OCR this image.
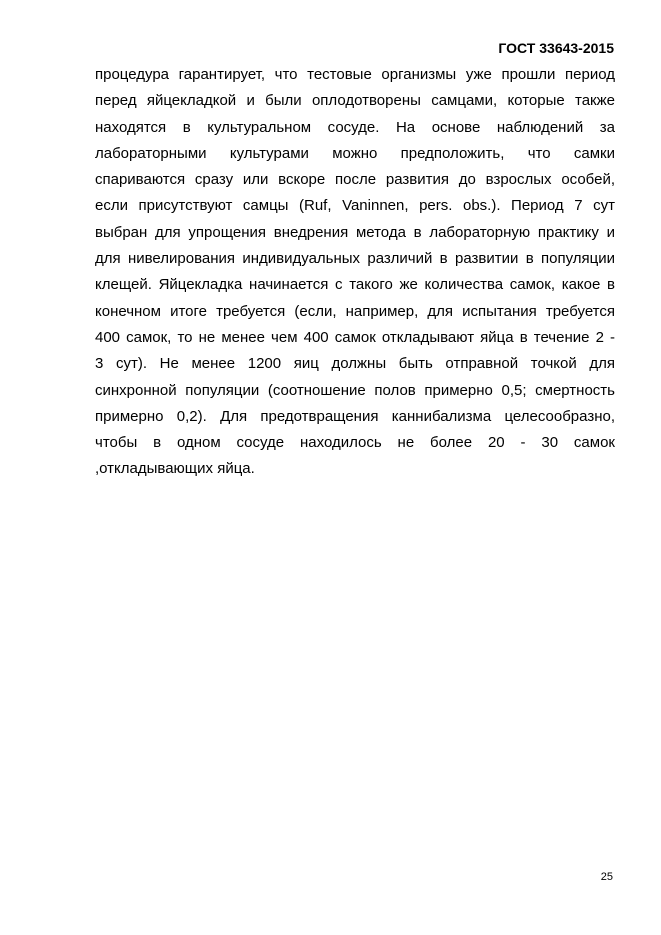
ГОСТ 33643-2015
процедура гарантирует, что тестовые организмы уже прошли период
перед яйцекладкой и были оплодотворены самцами, которые также
находятся в культуральном сосуде. На основе наблюдений за
лабораторными культурами можно предположить, что самки
спариваются сразу или вскоре после развития до взрослых особей,
если присутствуют самцы (Ruf, Vaninnen, pers. obs.). Период 7 сут
выбран для упрощения внедрения метода в лабораторную практику и
для нивелирования индивидуальных различий в развитии в популяции
клещей. Яйцекладка начинается с такого же количества самок, какое в
конечном итоге требуется (если, например, для испытания требуется
400 самок, то не менее чем 400 самок откладывают яйца в течение 2 -
3 сут). Не менее 1200 яиц должны быть отправной точкой для
синхронной популяции (соотношение полов примерно 0,5; смертность
примерно 0,2). Для предотвращения каннибализма целесообразно,
чтобы в одном сосуде находилось не более 20 - 30 самок
,откладывающих яйца.
25
